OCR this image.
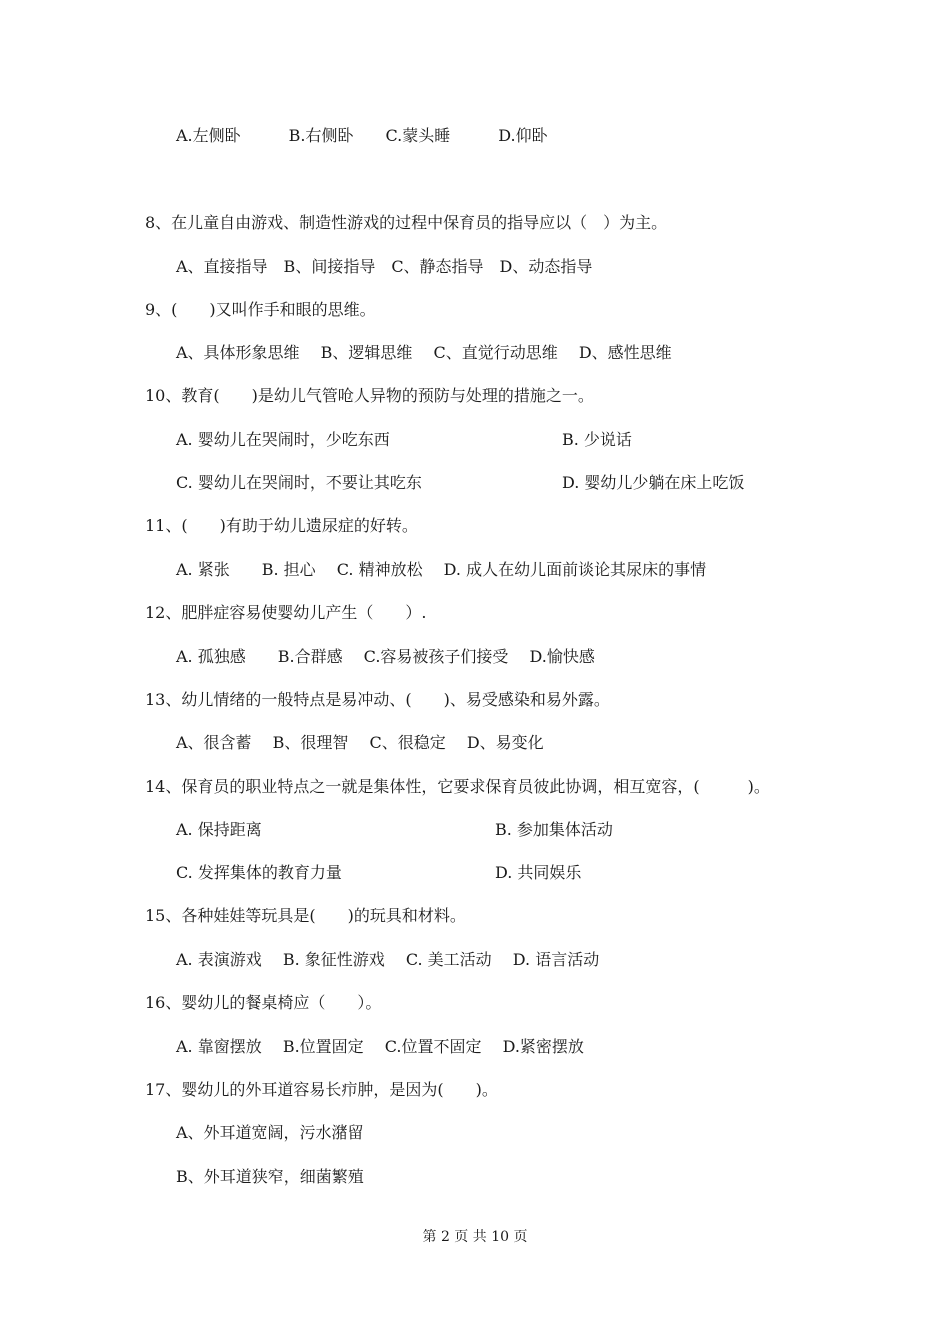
A.左侧卧　　　B.右侧卧　　C.蒙头睡　　　D.仰卧
8、在儿童自由游戏、制造性游戏的过程中保育员的指导应以（　）为主。
A、直接指导　B、间接指导　C、静态指导　D、动态指导
9、(　　)又叫作手和眼的思维。
A、具体形象思维　 B、逻辑思维　 C、直觉行动思维　 D、感性思维
10、教育(　　)是幼儿气管呛人异物的预防与处理的措施之一。
A. 婴幼儿在哭闹时，少吃东西	B. 少说话
C. 婴幼儿在哭闹时，不要让其吃东	D. 婴幼儿少躺在床上吃饭
11、(　　)有助于幼儿遗尿症的好转。
A. 紧张　　B. 担心　 C. 精神放松　 D. 成人在幼儿面前谈论其尿床的事情
12、肥胖症容易使婴幼儿产生（　　）.
A. 孤独感　　B.合群感　 C.容易被孩子们接受　 D.愉快感
13、幼儿情绪的一般特点是易冲动、(　　)、易受感染和易外露。
A、很含蓄　 B、很理智　 C、很稳定　 D、易变化
14、保育员的职业特点之一就是集体性，它要求保育员彼此协调，相互宽容，(　　　)。
A. 保持距离	B. 参加集体活动
C. 发挥集体的教育力量	D. 共同娱乐
15、各种娃娃等玩具是(　　)的玩具和材料。
A. 表演游戏　 B. 象征性游戏　 C. 美工活动　 D. 语言活动
16、婴幼儿的餐桌椅应（　　）。
A. 靠窗摆放　 B.位置固定　 C.位置不固定　 D.紧密摆放
17、婴幼儿的外耳道容易长疖肿，是因为(　　)。
A、外耳道宽阔，污水潴留
B、外耳道狭窄，细菌繁殖
第 2 页 共 10 页
